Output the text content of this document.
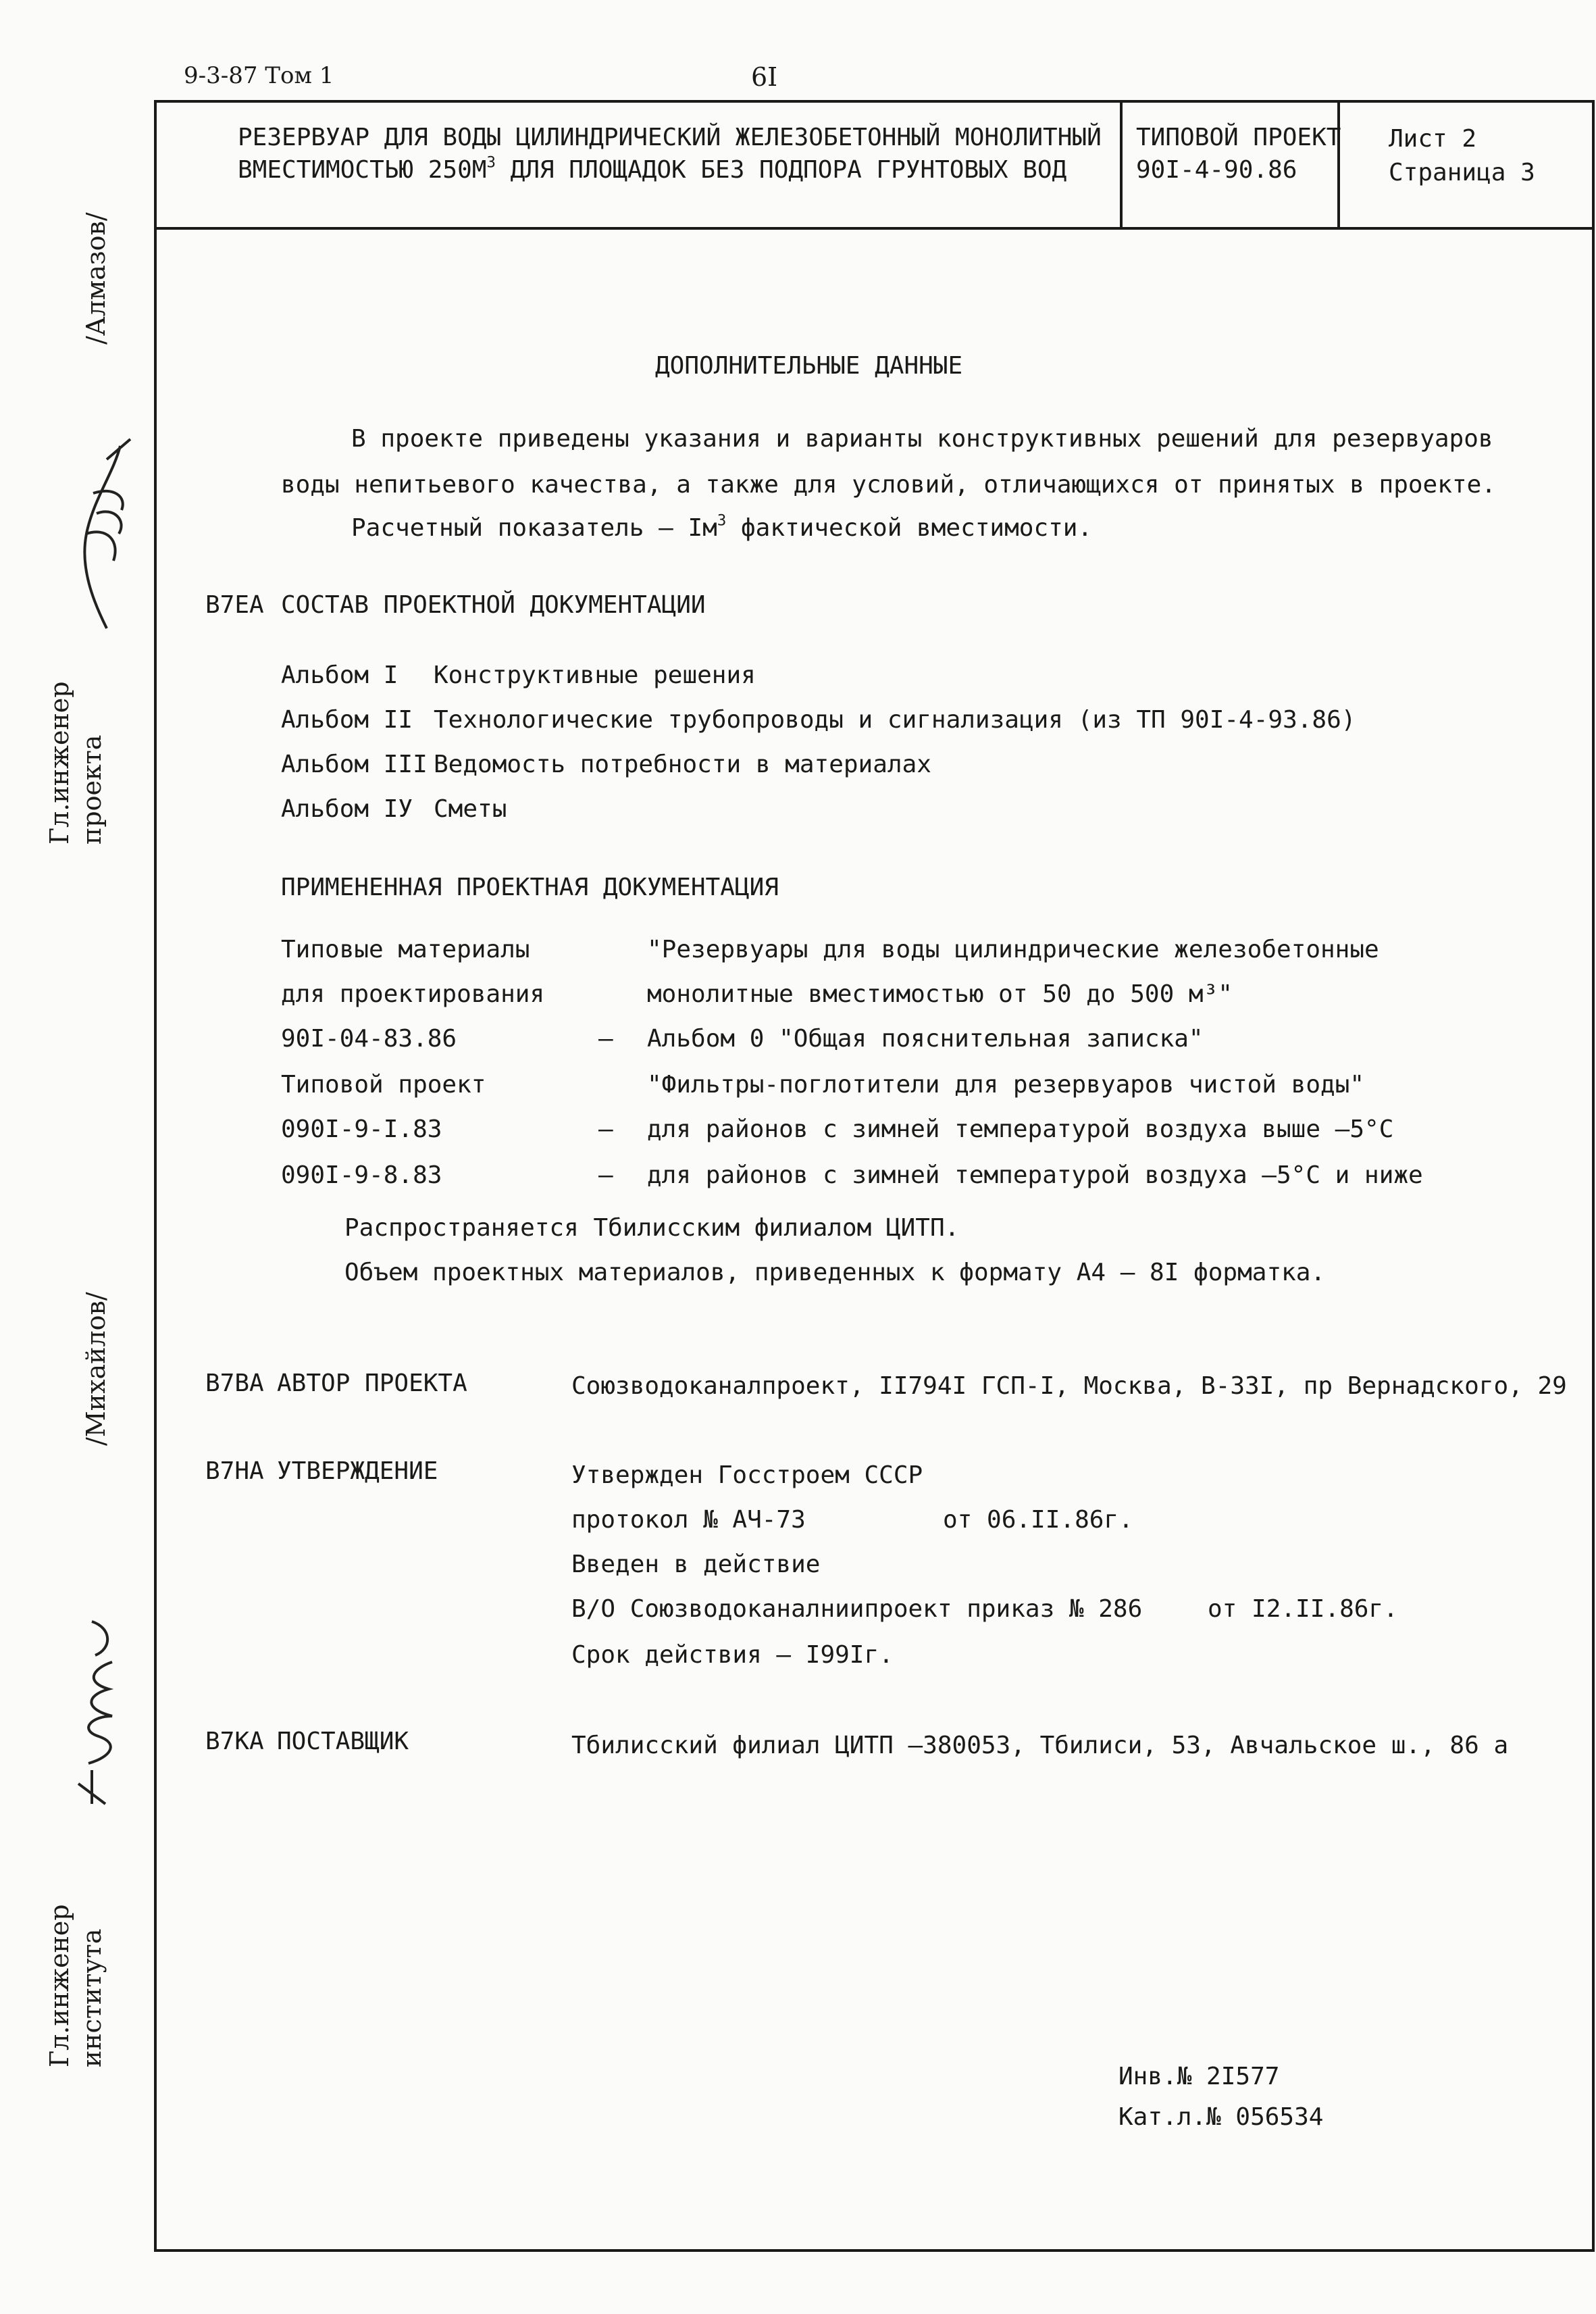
9-3-87 Том 1	6I
РЕЗЕРВУАР ДЛЯ ВОДЫ ЦИЛИНДРИЧЕСКИЙ ЖЕЛЕЗОБЕТОННЫЙ МОНОЛИТНЫЙ
ВМЕСТИМОСТЬЮ $250М^3$ ДЛЯ ПЛОЩАДОК БЕЗ ПОДПОРА ГРУНТОВЫХ ВОД
ТИПОВОЙ ПРОЕКТ
90I-4-90.86
Лист 2
Страница 3
/Алмазов/
Гл.инженер проекта
/Михайлов/
Гл.инженер института
ДОПОЛНИТЕЛЬНЫЕ ДАННЫЕ
В проекте приведены указания и варианты конструктивных решений для резервуаров
воды непитьевого качества, а также для условий, отличающихся от принятых в проекте.
Расчетный показатель – $Iм^3$ фактической вместимости.
В7ЕА СОСТАВ ПРОЕКТНОЙ ДОКУМЕНТАЦИИ
Альбом I Конструктивные решения
Альбом II Технологические трубопроводы и сигнализация (из ТП 90I-4-93.86)
Альбом III Ведомость потребности в материалах
Альбом IУ Сметы
ПРИМЕНЕННАЯ ПРОЕКТНАЯ ДОКУМЕНТАЦИЯ
Типовые материалы	"Резервуары для воды цилиндрические железобетонные
для проектирования	монолитные вместимостью от 50 до 500 м³"
90I-04-83.86	– Альбом 0 "Общая пояснительная записка"
Типовой проект	"Фильтры-поглотители для резервуаров чистой воды"
090I-9-I.83	– для районов с зимней температурой воздуха выше –5°С
090I-9-8.83	– для районов с зимней температурой воздуха –5°С и ниже
Распространяется Тбилисским филиалом ЦИТП.
Объем проектных материалов, приведенных к формату А4 – 8I форматка.
В7ВА АВТОР ПРОЕКТА	Союзводоканалпроект, II794I ГСП-I, Москва, В-33I, пр Вернадского, 29
В7НА УТВЕРЖДЕНИЕ	Утвержден Госстроем СССР
протокол № АЧ-73	от 06.II.86г.
Введен в действие
В/О Союзводоканалниипроект приказ № 286	от I2.II.86г.
Срок действия – I99Iг.
В7КА ПОСТАВЩИК	Тбилисский филиал ЦИТП –380053, Тбилиси, 53, Авчальское ш., 86 а
Инв.№ 2I577
Кат.л.№ 056534
